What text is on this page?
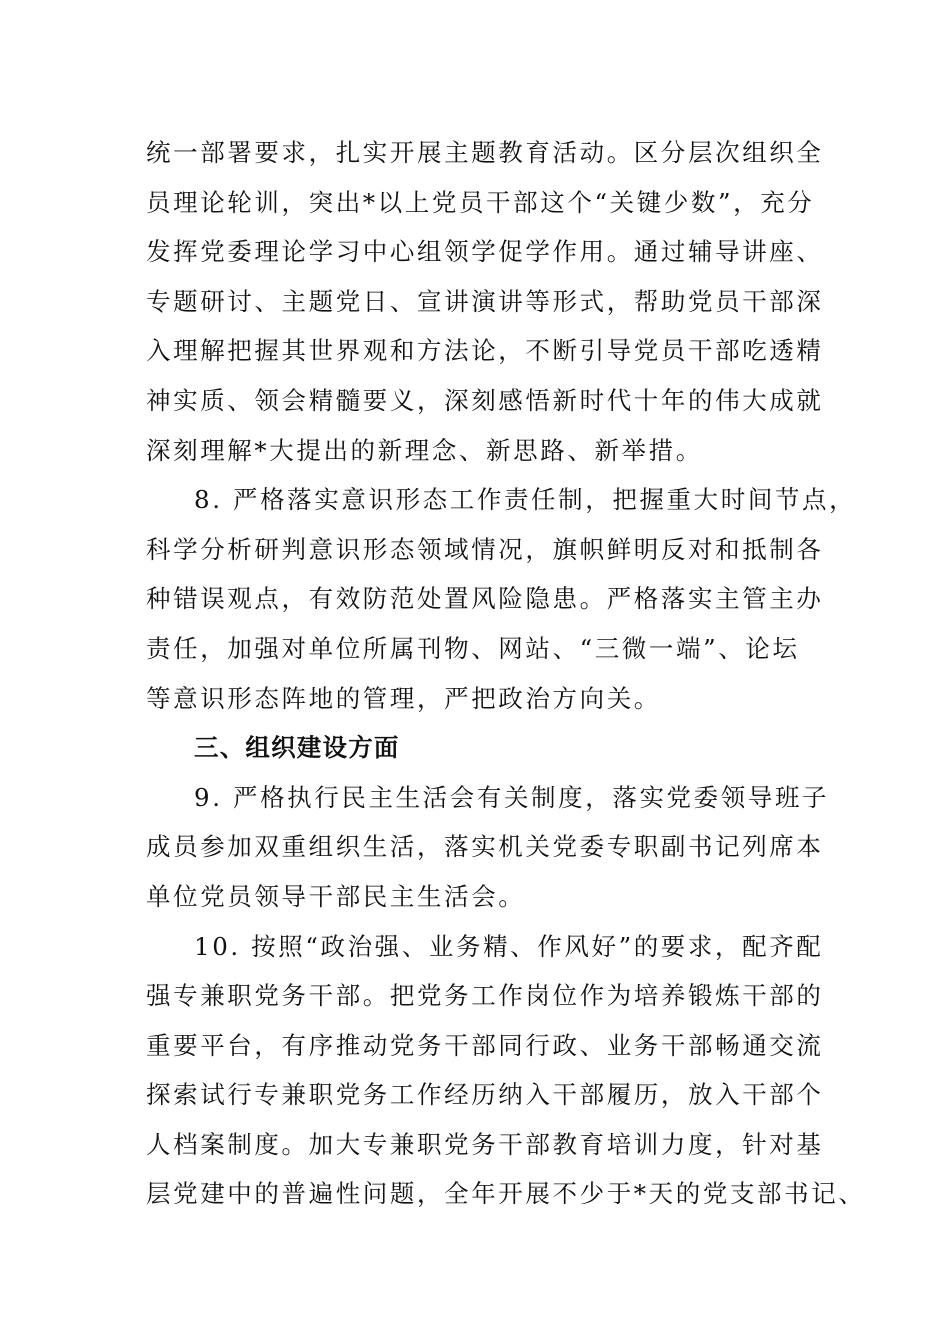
统一部署要求，扎实开展主题教育活动。区分层次组织全
员理论轮训，突出*以上党员干部这个“关键少数”，充分
发挥党委理论学习中心组领学促学作用。通过辅导讲座、
专题研讨、主题党日、宣讲演讲等形式，帮助党员干部深
入理解把握其世界观和方法论，不断引导党员干部吃透精
神实质、领会精髓要义，深刻感悟新时代十年的伟大成就
深刻理解*大提出的新理念、新思路、新举措。
8. 严格落实意识形态工作责任制，把握重大时间节点，
科学分析研判意识形态领域情况，旗帜鲜明反对和抵制各
种错误观点，有效防范处置风险隐患。严格落实主管主办
责任，加强对单位所属刊物、网站、“三微一端”、论坛
等意识形态阵地的管理，严把政治方向关。
三、组织建设方面
9. 严格执行民主生活会有关制度，落实党委领导班子
成员参加双重组织生活，落实机关党委专职副书记列席本
单位党员领导干部民主生活会。
10. 按照“政治强、业务精、作风好”的要求，配齐配
强专兼职党务干部。把党务工作岗位作为培养锻炼干部的
重要平台，有序推动党务干部同行政、业务干部畅通交流
探索试行专兼职党务工作经历纳入干部履历，放入干部个
人档案制度。加大专兼职党务干部教育培训力度，针对基
层党建中的普遍性问题，全年开展不少于*天的党支部书记、
